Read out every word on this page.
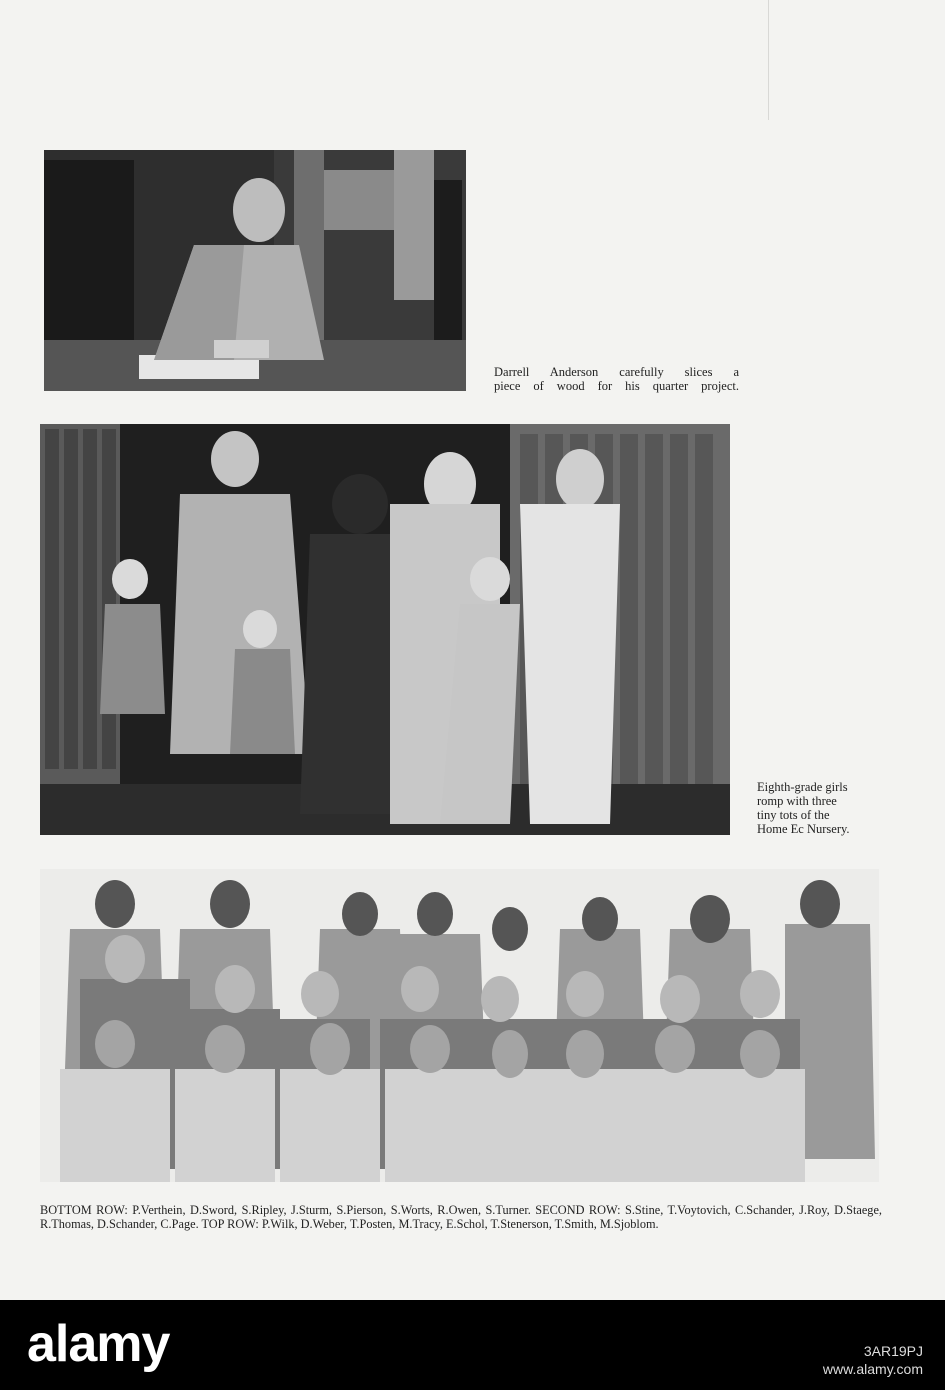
Darrell Anderson carefully slices a
piece of wood for his quarter project.
Eighth-grade girls
romp with three
tiny tots of the
Home Ec Nursery.
BOTTOM ROW: P.Verthein, D.Sword, S.Ripley, J.Sturm, S.Pierson, S.Worts, R.Owen, S.Turner. SECOND ROW: S.Stine, T.Voytovich, C.Schander, J.Roy, D.Staege, R.Thomas, D.Schander, C.Page. TOP ROW: P.Wilk, D.Weber, T.Posten, M.Tracy, E.Schol, T.Stenerson, T.Smith, M.Sjoblom.
alamy	3AR19PJ
www.alamy.com
